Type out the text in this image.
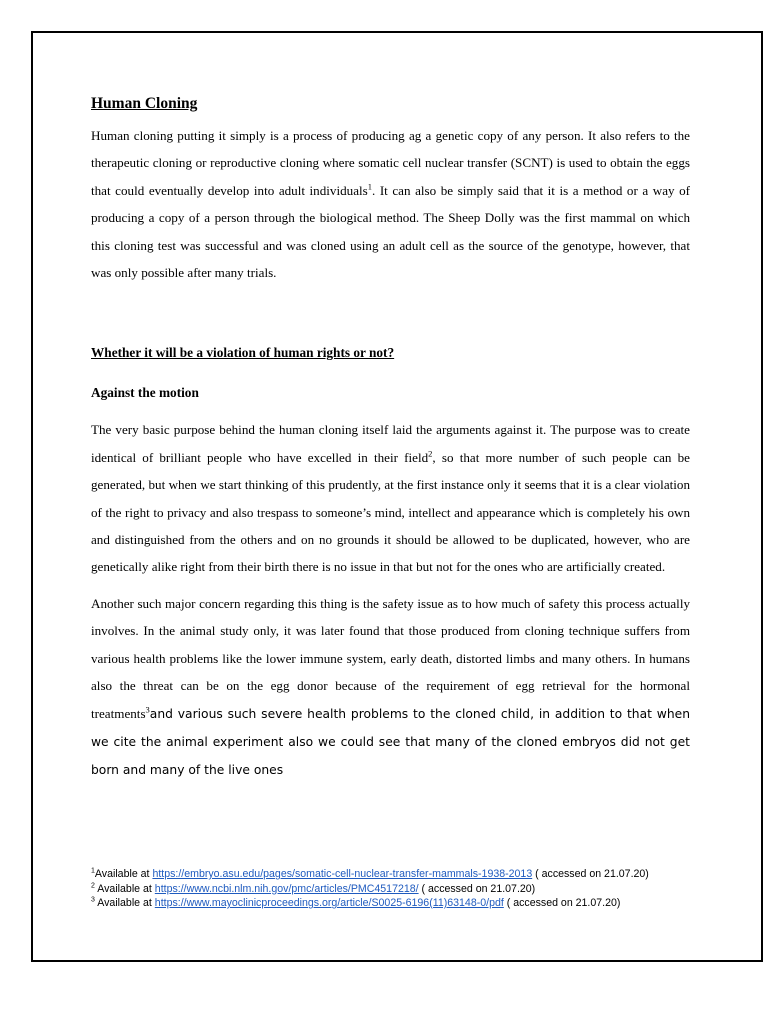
Human Cloning

Human cloning putting it simply is a process of producing ag a genetic copy of any person. It also refers to the therapeutic cloning or reproductive cloning where somatic cell nuclear transfer (SCNT) is used to obtain the eggs that could eventually develop into adult individuals$^1$. It can also be simply said that it is a method or a way of producing a copy of a person through the biological method. The Sheep Dolly was the first mammal on which this cloning test was successful and was cloned using an adult cell as the source of the genotype, however, that was only possible after many trials.

Whether it will be a violation of human rights or not?

Against the motion

The very basic purpose behind the human cloning itself laid the arguments against it. The purpose was to create identical of brilliant people who have excelled in their field$^2$, so that more number of such people can be generated, but when we start thinking of this prudently, at the first instance only it seems that it is a clear violation of the right to privacy and also trespass to someone’s mind, intellect and appearance which is completely his own and distinguished from the others and on no grounds it should be allowed to be duplicated, however, who are genetically alike right from their birth there is no issue in that but not for the ones who are artificially created.

Another such major concern regarding this thing is the safety issue as to how much of safety this process actually involves. In the animal study only, it was later found that those produced from cloning technique suffers from various health problems like the lower immune system, early death, distorted limbs and many others. In humans also the threat can be on the egg donor because of the requirement of egg retrieval for the hormonal treatments$^3$and various such severe health problems to the cloned child, in addition to that when we cite the animal experiment also we could see that many of the cloned embryos did not get born and many of the live ones

$^1$Available at https://embryo.asu.edu/pages/somatic-cell-nuclear-transfer-mammals-1938-2013 ( accessed on 21.07.20)

$^2$ Available at https://www.ncbi.nlm.nih.gov/pmc/articles/PMC4517218/ ( accessed on 21.07.20)

$^3$ Available at https://www.mayoclinicproceedings.org/article/S0025-6196(11)63148-0/pdf ( accessed on 21.07.20)
